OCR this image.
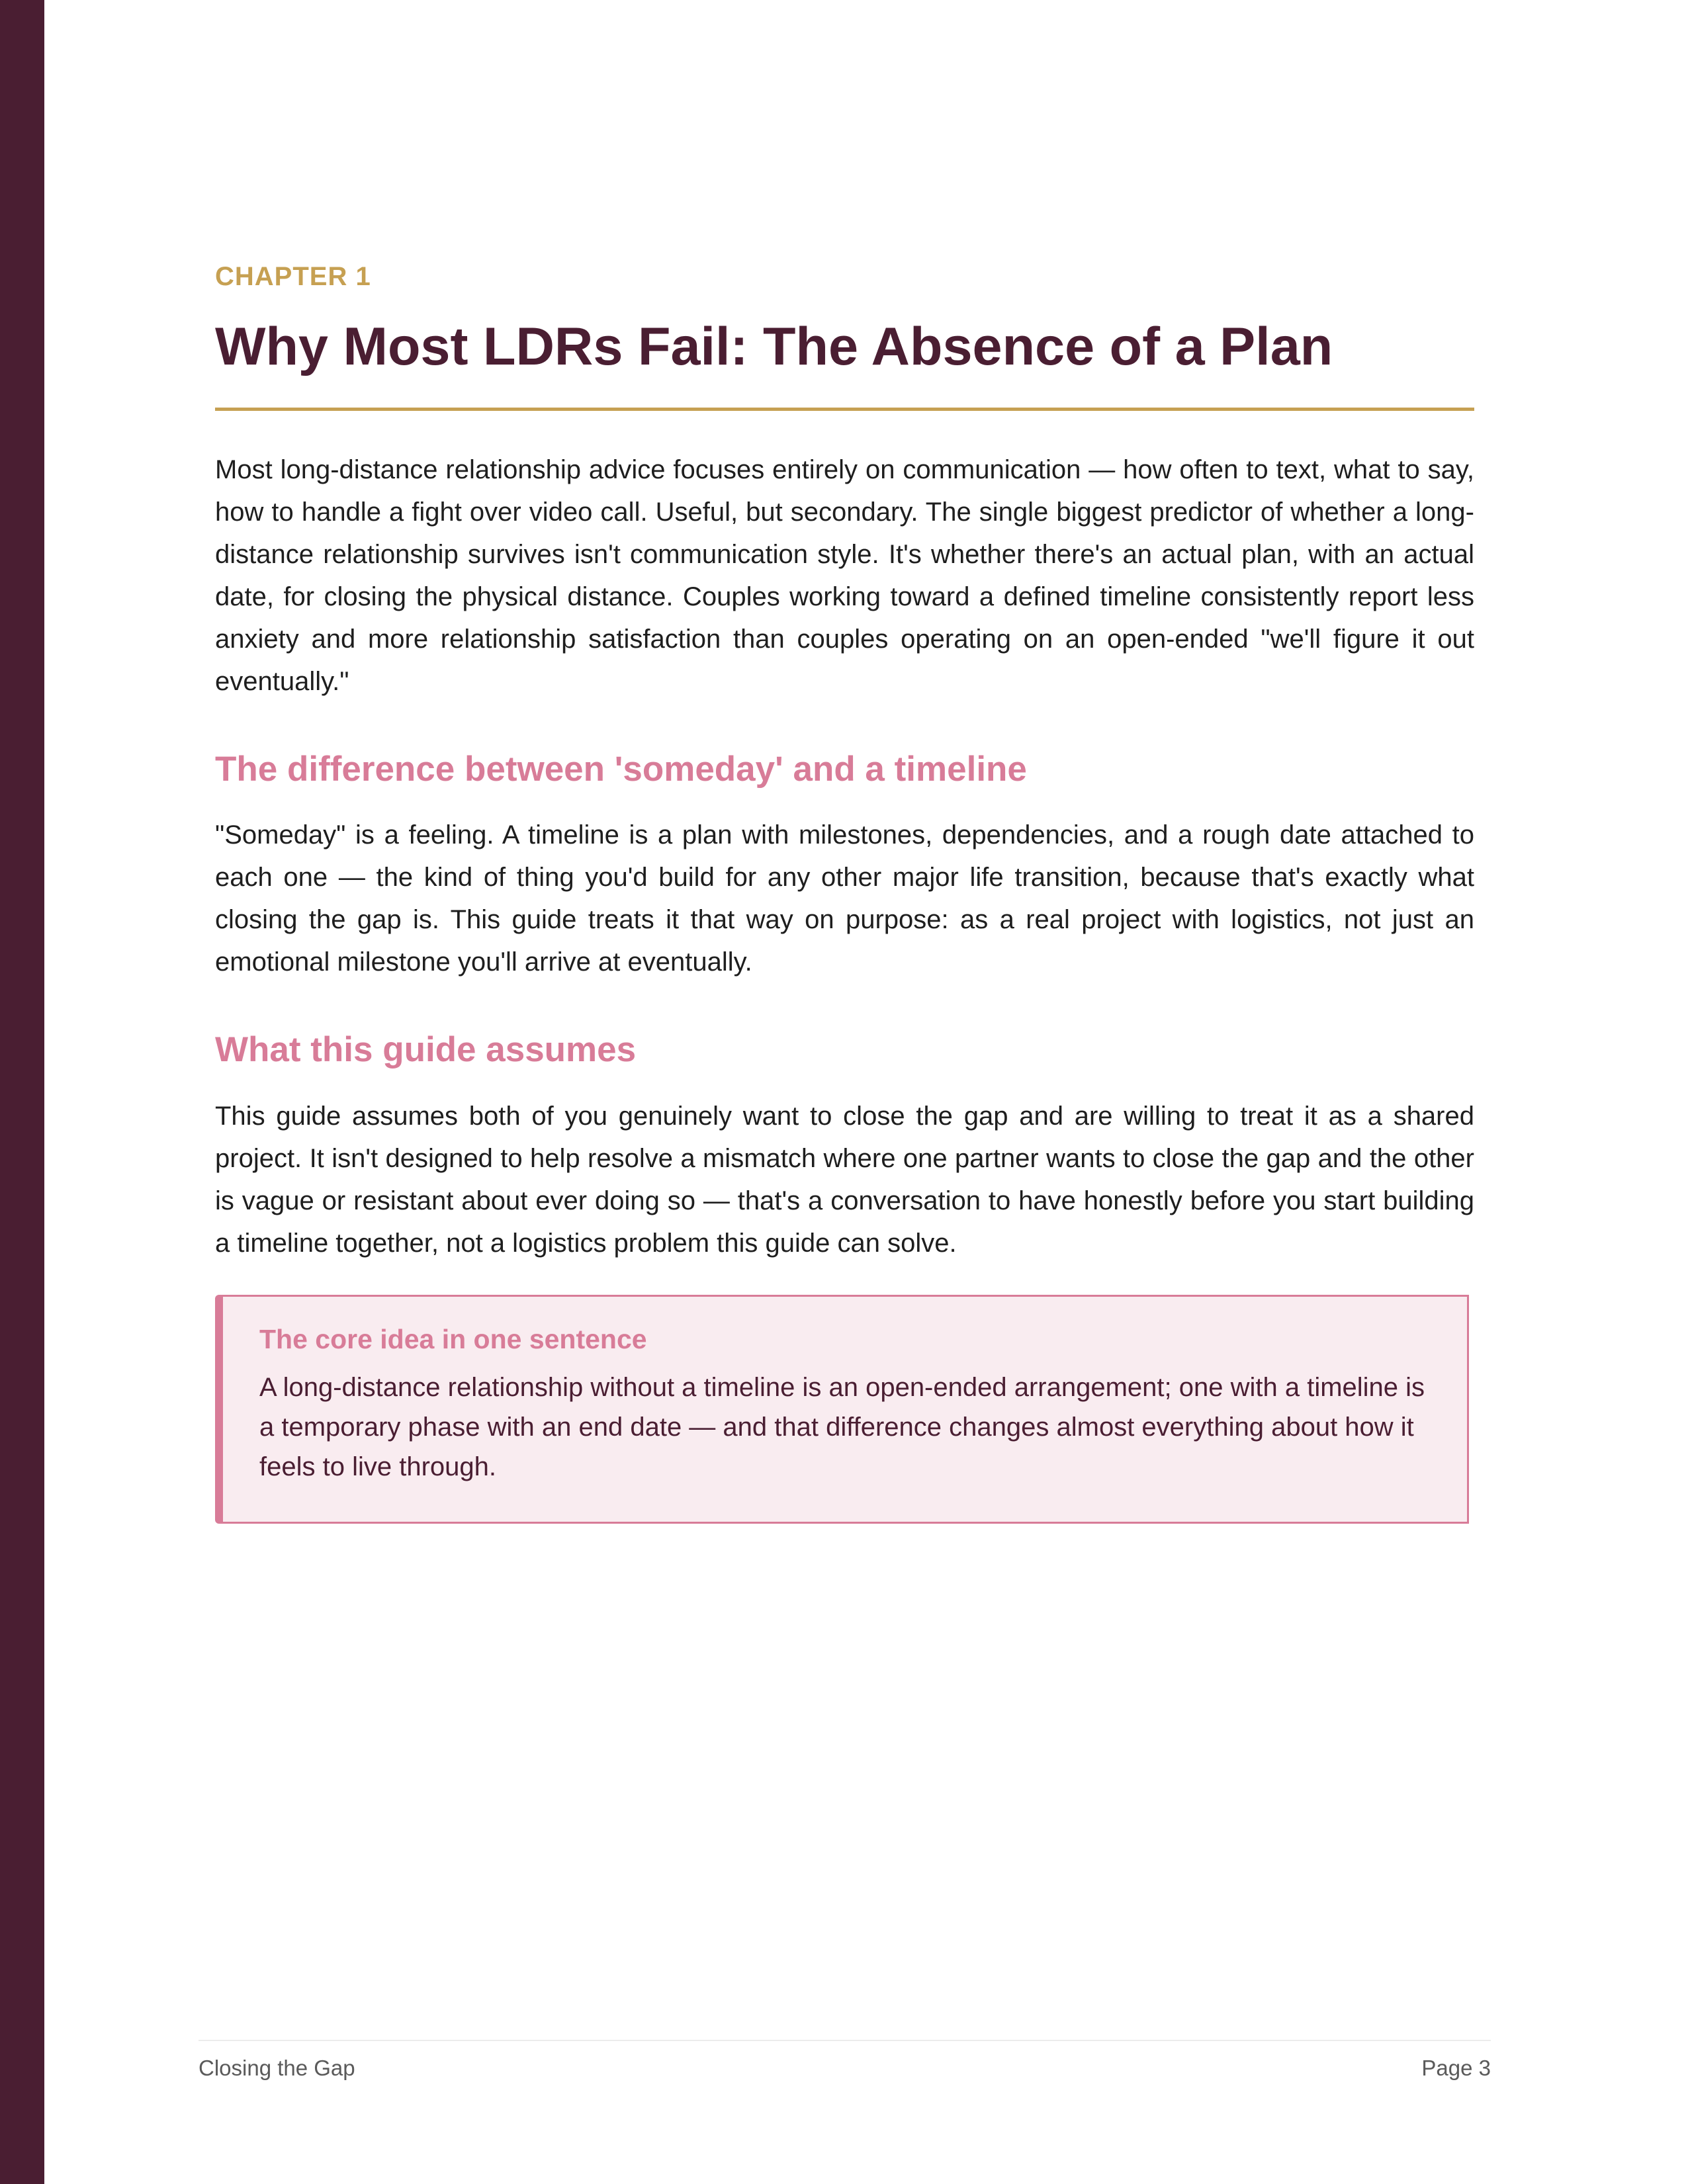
CHAPTER 1
Why Most LDRs Fail: The Absence of a Plan

Most long-distance relationship advice focuses entirely on communication — how often to text, what to say, how to handle a fight over video call. Useful, but secondary. The single biggest predictor of whether a long-distance relationship survives isn't communication style. It's whether there's an actual plan, with an actual date, for closing the physical distance. Couples working toward a defined timeline consistently report less anxiety and more relationship satisfaction than couples operating on an open-ended "we'll figure it out eventually."

The difference between 'someday' and a timeline

"Someday" is a feeling. A timeline is a plan with milestones, dependencies, and a rough date attached to each one — the kind of thing you'd build for any other major life transition, because that's exactly what closing the gap is. This guide treats it that way on purpose: as a real project with logistics, not just an emotional milestone you'll arrive at eventually.

What this guide assumes

This guide assumes both of you genuinely want to close the gap and are willing to treat it as a shared project. It isn't designed to help resolve a mismatch where one partner wants to close the gap and the other is vague or resistant about ever doing so — that's a conversation to have honestly before you start building a timeline together, not a logistics problem this guide can solve.

The core idea in one sentence

A long-distance relationship without a timeline is an open-ended arrangement; one with a timeline is a temporary phase with an end date — and that difference changes almost everything about how it feels to live through.

Closing the Gap	Page 3
